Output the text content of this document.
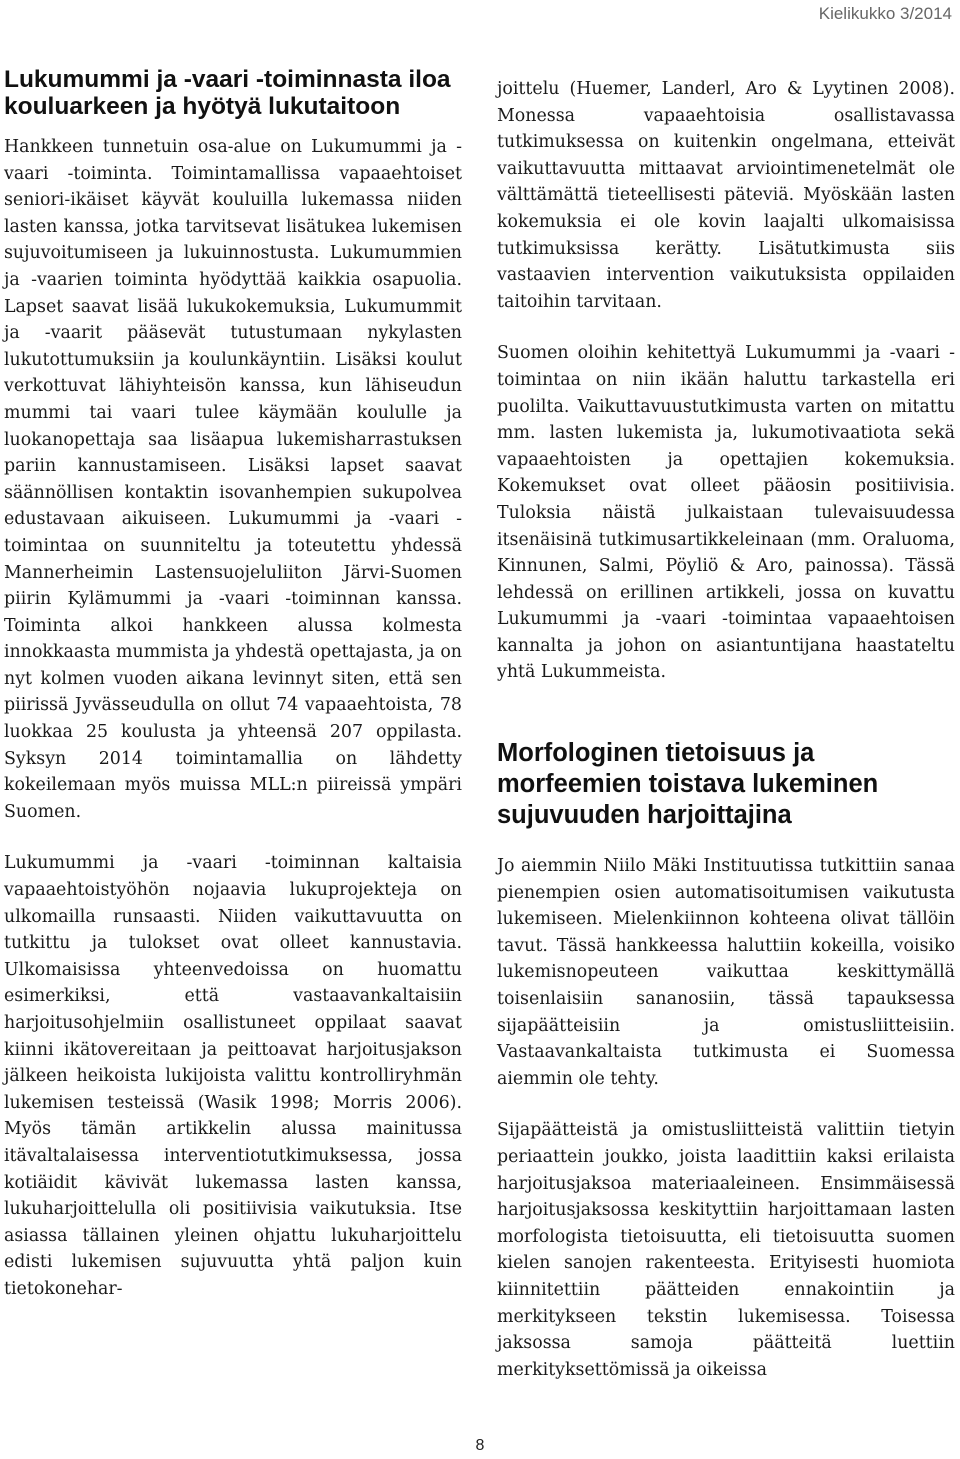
Kielikukko 3/2014
Lukumummi ja -vaari -toiminnasta iloa kouluarkeen ja hyötyä lukutaitoon

Hankkeen tunnetuin osa-alue on Lukumummi ja -vaari -toiminta. Toimintamallissa vapaaehtoiset seniori-ikäiset käyvät kouluilla lukemassa niiden lasten kanssa, jotka tarvitsevat lisätukea lukemisen sujuvoitumiseen ja lukuinnostusta. Lukumummien ja -vaarien toiminta hyödyttää kaikkia osapuolia. Lapset saavat lisää lukukokemuksia, Lukumummit ja -vaarit pääsevät tutustumaan nykylasten lukutottumuksiin ja koulunkäyntiin. Lisäksi koulut verkottuvat lähiyhteisön kanssa, kun lähiseudun mummi tai vaari tulee käymään koululle ja luokanopettaja saa lisäapua lukemisharrastuksen pariin kannustamiseen. Lisäksi lapset saavat säännöllisen kontaktin isovanhempien sukupolvea edustavaan aikuiseen. Lukumummi ja -vaari -toimintaa on suunniteltu ja toteutettu yhdessä Mannerheimin Lastensuojeluliiton Järvi-Suomen piirin Kylämummi ja -vaari -toiminnan kanssa. Toiminta alkoi hankkeen alussa kolmesta innokkaasta mummista ja yhdestä opettajasta, ja on nyt kolmen vuoden aikana levinnyt siten, että sen piirissä Jyvässeudulla on ollut 74 vapaaehtoista, 78 luokkaa 25 koulusta ja yhteensä 207 oppilasta. Syksyn 2014 toimintamallia on lähdetty kokeilemaan myös muissa MLL:n piireissä ympäri Suomen.

Lukumummi ja -vaari -toiminnan kaltaisia vapaaehtoistyöhön nojaavia lukuprojekteja on ulkomailla runsaasti. Niiden vaikuttavuutta on tutkittu ja tulokset ovat olleet kannustavia. Ulkomaisissa yhteenvedoissa on huomattu esimerkiksi, että vastaavankaltaisiin harjoitusohjelmiin osallistuneet oppilaat saavat kiinni ikätovereitaan ja peittoavat harjoitusjakson jälkeen heikoista lukijoista valittu kontrolliryhmän lukemisen testeissä (Wasik 1998; Morris 2006). Myös tämän artikkelin alussa mainitussa itävaltalaisessa interventiotutkimuksessa, jossa kotiäidit kävivät lukemassa lasten kanssa, lukuharjoittelulla oli positiivisia vaikutuksia. Itse asiassa tällainen yleinen ohjattu lukuharjoittelu edisti lukemisen sujuvuutta yhtä paljon kuin tietokonehar-

joittelu (Huemer, Landerl, Aro & Lyytinen 2008). Monessa vapaaehtoisia osallistavassa tutkimuksessa on kuitenkin ongelmana, etteivät vaikuttavuutta mittaavat arviointimenetelmät ole välttämättä tieteellisesti päteviä. Myöskään lasten kokemuksia ei ole kovin laajalti ulkomaisissa tutkimuksissa kerätty. Lisätutkimusta siis vastaavien intervention vaikutuksista oppilaiden taitoihin tarvitaan.

Suomen oloihin kehitettyä Lukumummi ja -vaari -toimintaa on niin ikään haluttu tarkastella eri puolilta. Vaikuttavuustutkimusta varten on mitattu mm. lasten lukemista ja, lukumotivaatiota sekä vapaaehtoisten ja opettajien kokemuksia. Kokemukset ovat olleet pääosin positiivisia. Tuloksia näistä julkaistaan tulevaisuudessa itsenäisinä tutkimusartikkeleinaan (mm. Oraluoma, Kinnunen, Salmi, Pöyliö & Aro, painossa). Tässä lehdessä on erillinen artikkeli, jossa on kuvattu Lukumummi ja -vaari -toimintaa vapaaehtoisen kannalta ja johon on asiantuntijana haastateltu yhtä Lukummeista.

Morfologinen tietoisuus ja morfeemien toistava lukeminen sujuvuuden harjoittajina

Jo aiemmin Niilo Mäki Instituutissa tutkittiin sanaa pienempien osien automatisoitumisen vaikutusta lukemiseen. Mielenkiinnon kohteena olivat tällöin tavut. Tässä hankkeessa haluttiin kokeilla, voisiko lukemisnopeuteen vaikuttaa keskittymällä toisenlaisiin sananosiin, tässä tapauksessa sijapäätteisiin ja omistusliitteisiin. Vastaavankaltaista tutkimusta ei Suomessa aiemmin ole tehty.

Sijapäätteistä ja omistusliitteistä valittiin tietyin periaattein joukko, joista laadittiin kaksi erilaista harjoitusjaksoa materiaaleineen. Ensimmäisessä harjoitusjaksossa keskityttiin harjoittamaan lasten morfologista tietoisuutta, eli tietoisuutta suomen kielen sanojen rakenteesta. Erityisesti huomiota kiinnitettiin päätteiden ennakointiin ja merkitykseen tekstin lukemisessa. Toisessa jaksossa samoja päätteitä luettiin merkityksettömissä ja oikeissa

8
